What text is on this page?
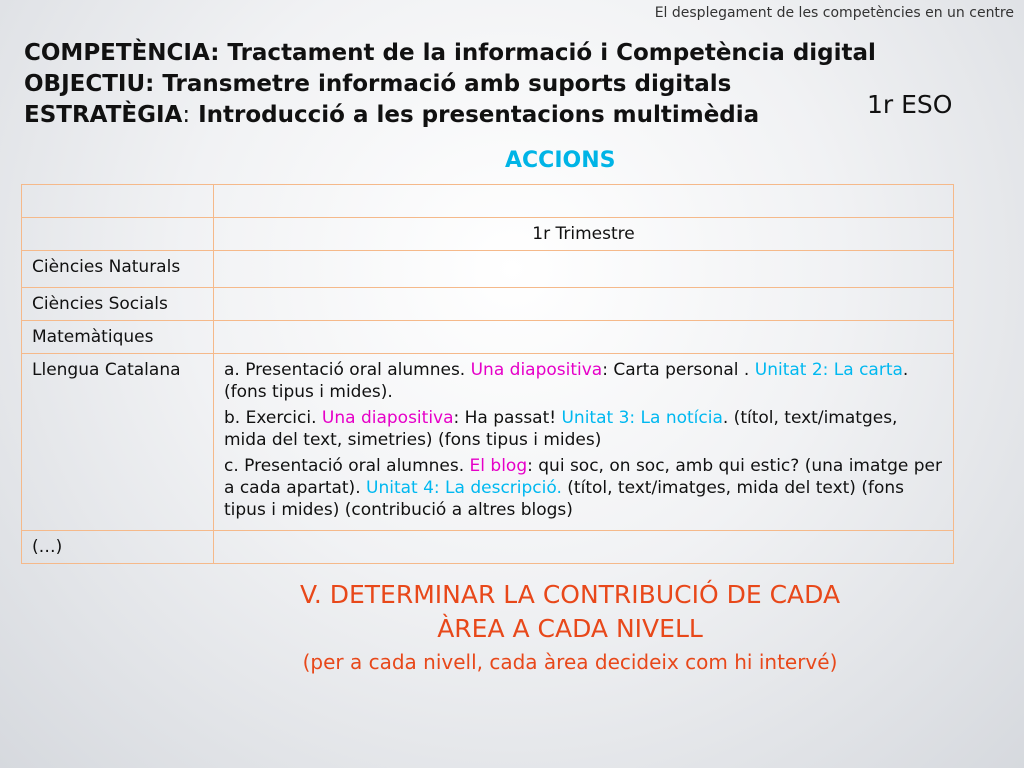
El desplegament de les competències en un centre
COMPETÈNCIA: Tractament de la informació i Competència digital
OBJECTIU: Transmetre informació amb suports digitals
ESTRATÈGIA: Introducció a les presentacions multimèdia	1r ESO
ACCIONS

	1r Trimestre
Ciències Naturals	
Ciències Socials	
Matemàtiques	
Llengua Catalana	a. Presentació oral alumnes. Una diapositiva: Carta personal . Unitat 2: La carta. (fons tipus i mides).
b. Exercici. Una diapositiva: Ha passat! Unitat 3: La notícia. (títol, text/imatges, mida del text, simetries) (fons tipus i mides)
c. Presentació oral alumnes. El blog: qui soc, on soc, amb qui estic? (una imatge per a cada apartat). Unitat 4: La descripció. (títol, text/imatges, mida del text) (fons tipus i mides) (contribució a altres blogs)

(…)	
V. DETERMINAR LA CONTRIBUCIÓ DE CADA
ÀREA A CADA NIVELL
(per a cada nivell, cada àrea decideix com hi intervé)
